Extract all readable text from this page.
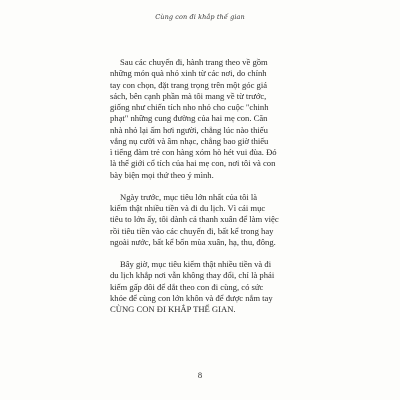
Cùng con đi khắp thế gian

Sau các chuyến đi, hành trang theo về gồm
những món quà nhỏ xinh từ các nơi, do chính
tay con chọn, đặt trang trọng trên một góc giá
sách, bên cạnh phần mà tôi mang về từ trước,
giống như chiến tích nho nhỏ cho cuộc "chinh
phạt" những cung đường của hai mẹ con. Căn
nhà nhỏ lại ấm hơi người, chẳng lúc nào thiếu
vắng nụ cười và âm nhạc, chẳng bao giờ thiếu
ì tiếng đàm trẻ con hàng xóm hò hét vui đùa. Đó
là thế giới cổ tích của hai mẹ con, nơi tôi và con
bày biện mọi thứ theo ý mình.

Ngày trước, mục tiêu lớn nhất của tôi là
kiếm thật nhiều tiền và đi du lịch. Vì cái mục
tiêu to lớn ấy, tôi dành cả thanh xuân để làm việc
rồi tiêu tiền vào các chuyến đi, bất kể trong hay
ngoài nước, bất kể bốn mùa xuân, hạ, thu, đông.

Bây giờ, mục tiêu kiếm thật nhiều tiền và đi
du lịch khắp nơi vẫn không thay đổi, chỉ là phải
kiếm gấp đôi để dắt theo con đi cùng, có sức
khỏe để cùng con lớn khôn và để được nắm tay
CÙNG CON ĐI KHẮP THẾ GIAN.

8
